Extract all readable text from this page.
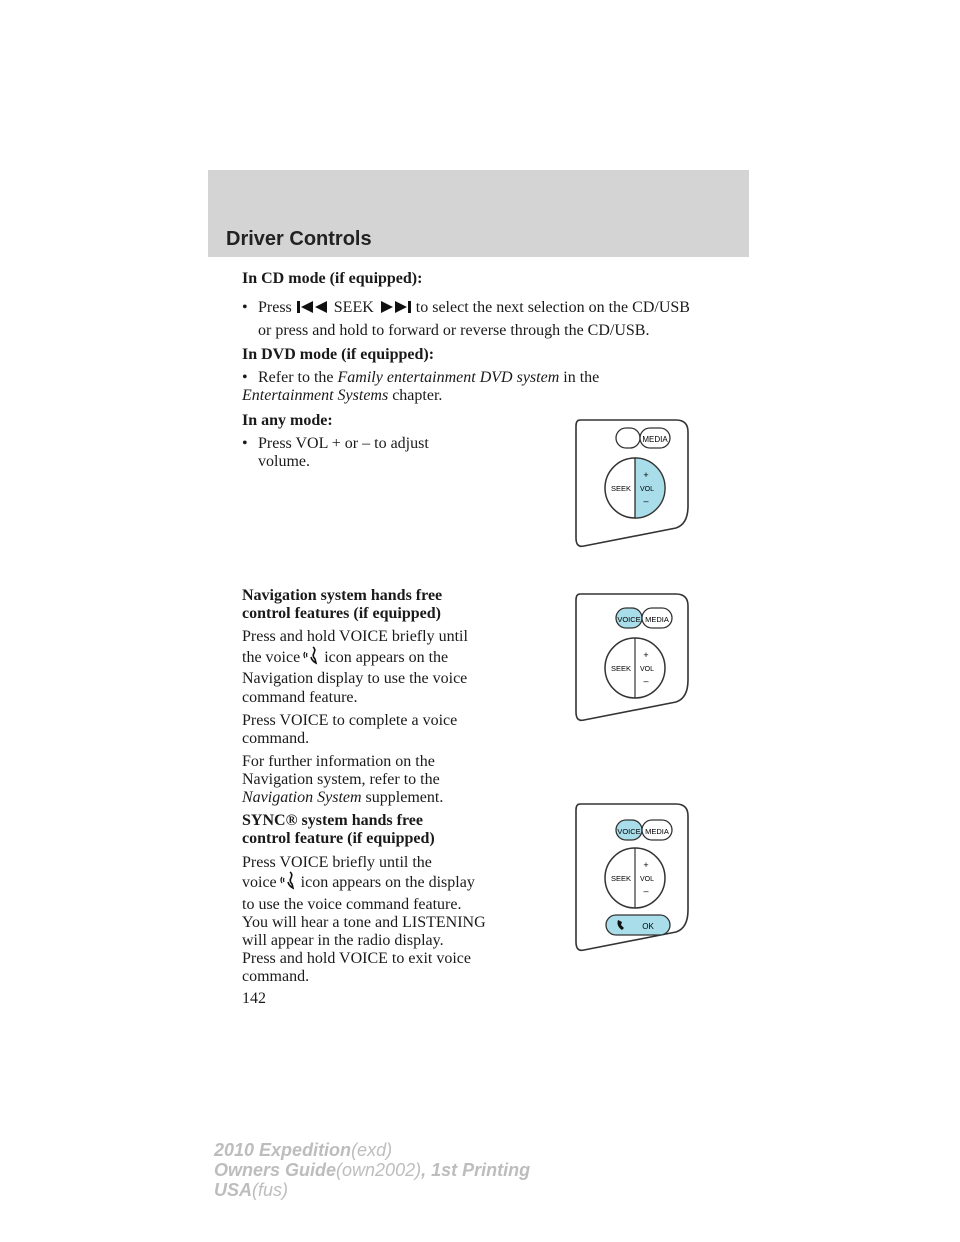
Driver Controls
In CD mode (if equipped):
• Press	SEEK	to select the next selection on the CD/USB
or press and hold to forward or reverse through the CD/USB.
In DVD mode (if equipped):
• Refer to the Family entertainment DVD system in the
Entertainment Systems chapter.
In any mode:
• Press VOL + or – to adjust
volume.
MEDIA
SEEK
+
VOL
–
Navigation system hands free
control features (if equipped)
Press and hold VOICE briefly until
the voice icon appears on the
Navigation display to use the voice
command feature.
Press VOICE to complete a voice
command.
For further information on the
Navigation system, refer to the
Navigation System supplement.
VOICE MEDIA
SEEK
+
VOL
–
SYNC® system hands free
control feature (if equipped)
Press VOICE briefly until the
voice icon appears on the display
to use the voice command feature.
You will hear a tone and LISTENING
will appear in the radio display.
Press and hold VOICE to exit voice
VOICE MEDIA
SEEK
+
VOL
–
OK
142
2010 Expedition(exd)
Owners Guide(own2002), 1st Printing
USA(fus)
command.
